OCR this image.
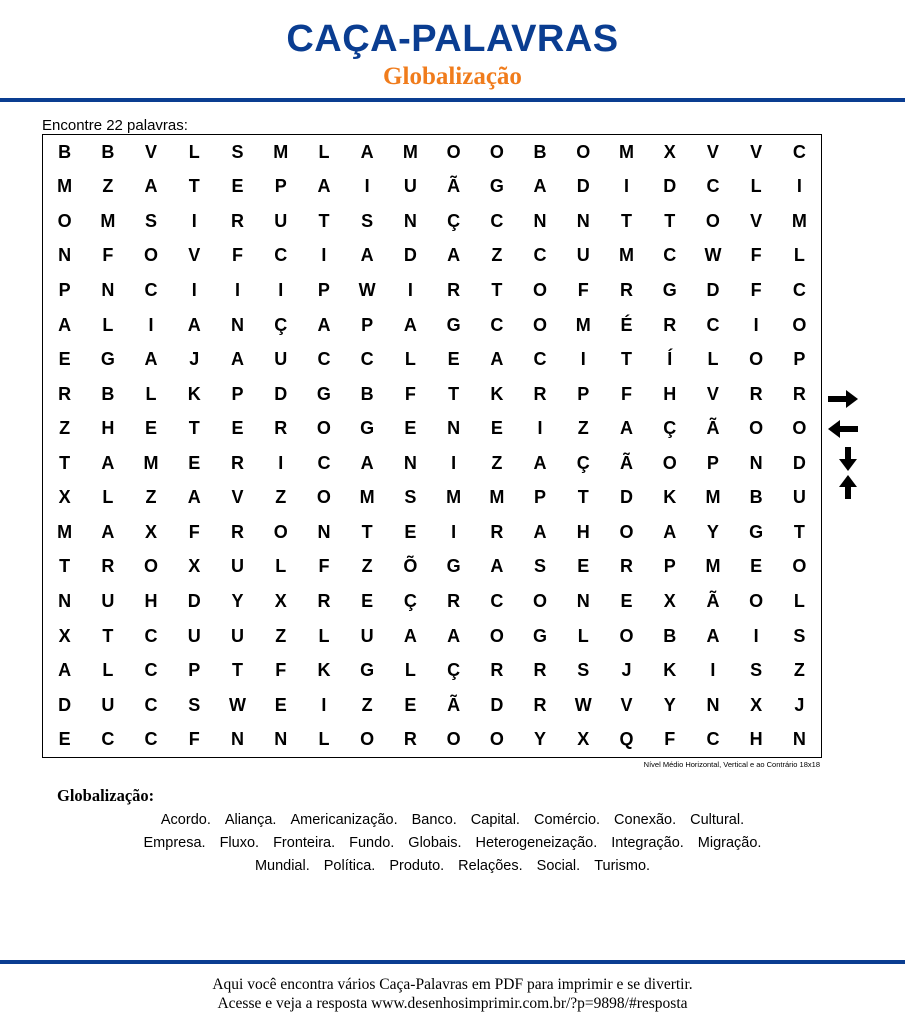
CAÇA-PALAVRAS
Globalização
Encontre 22 palavras:
B	B	V	L	S	M	L	A	M	O	O	B	O	M	X	V	V	C
M	Z	A	T	E	P	A	I	U	Ã	G	A	D	I	D	C	L	I
O	M	S	I	R	U	T	S	N	Ç	C	N	N	T	T	O	V	M
N	F	O	V	F	C	I	A	D	A	Z	C	U	M	C	W	F	L
P	N	C	I	I	I	P	W	I	R	T	O	F	R	G	D	F	C
A	L	I	A	N	Ç	A	P	A	G	C	O	M	É	R	C	I	O
E	G	A	J	A	U	C	C	L	E	A	C	I	T	Í	L	O	P
R	B	L	K	P	D	G	B	F	T	K	R	P	F	H	V	R	R
Z	H	E	T	E	R	O	G	E	N	E	I	Z	A	Ç	Ã	O	O
T	A	M	E	R	I	C	A	N	I	Z	A	Ç	Ã	O	P	N	D
X	L	Z	A	V	Z	O	M	S	M	M	P	T	D	K	M	B	U
M	A	X	F	R	O	N	T	E	I	R	A	H	O	A	Y	G	T
T	R	O	X	U	L	F	Z	Õ	G	A	S	E	R	P	M	E	O
N	U	H	D	Y	X	R	E	Ç	R	C	O	N	E	X	Ã	O	L
X	T	C	U	U	Z	L	U	A	A	O	G	L	O	B	A	I	S
A	L	C	P	T	F	K	G	L	Ç	R	R	S	J	K	I	S	Z
D	U	C	S	W	E	I	Z	E	Ã	D	R	W	V	Y	N	X	J
E	C	C	F	N	N	L	O	R	O	O	Y	X	Q	F	C	H	N
Nível Médio Horizontal, Vertical e ao Contrário 18x18
Globalização:
Acordo. Aliança. Americanização. Banco. Capital. Comércio. Conexão. Cultural.
Empresa. Fluxo. Fronteira. Fundo. Globais. Heterogeneização. Integração. Migração.
Mundial. Política. Produto. Relações. Social. Turismo.
Aqui você encontra vários Caça-Palavras em PDF para imprimir e se divertir.
Acesse e veja a resposta www.desenhosimprimir.com.br/?p=9898/#resposta
